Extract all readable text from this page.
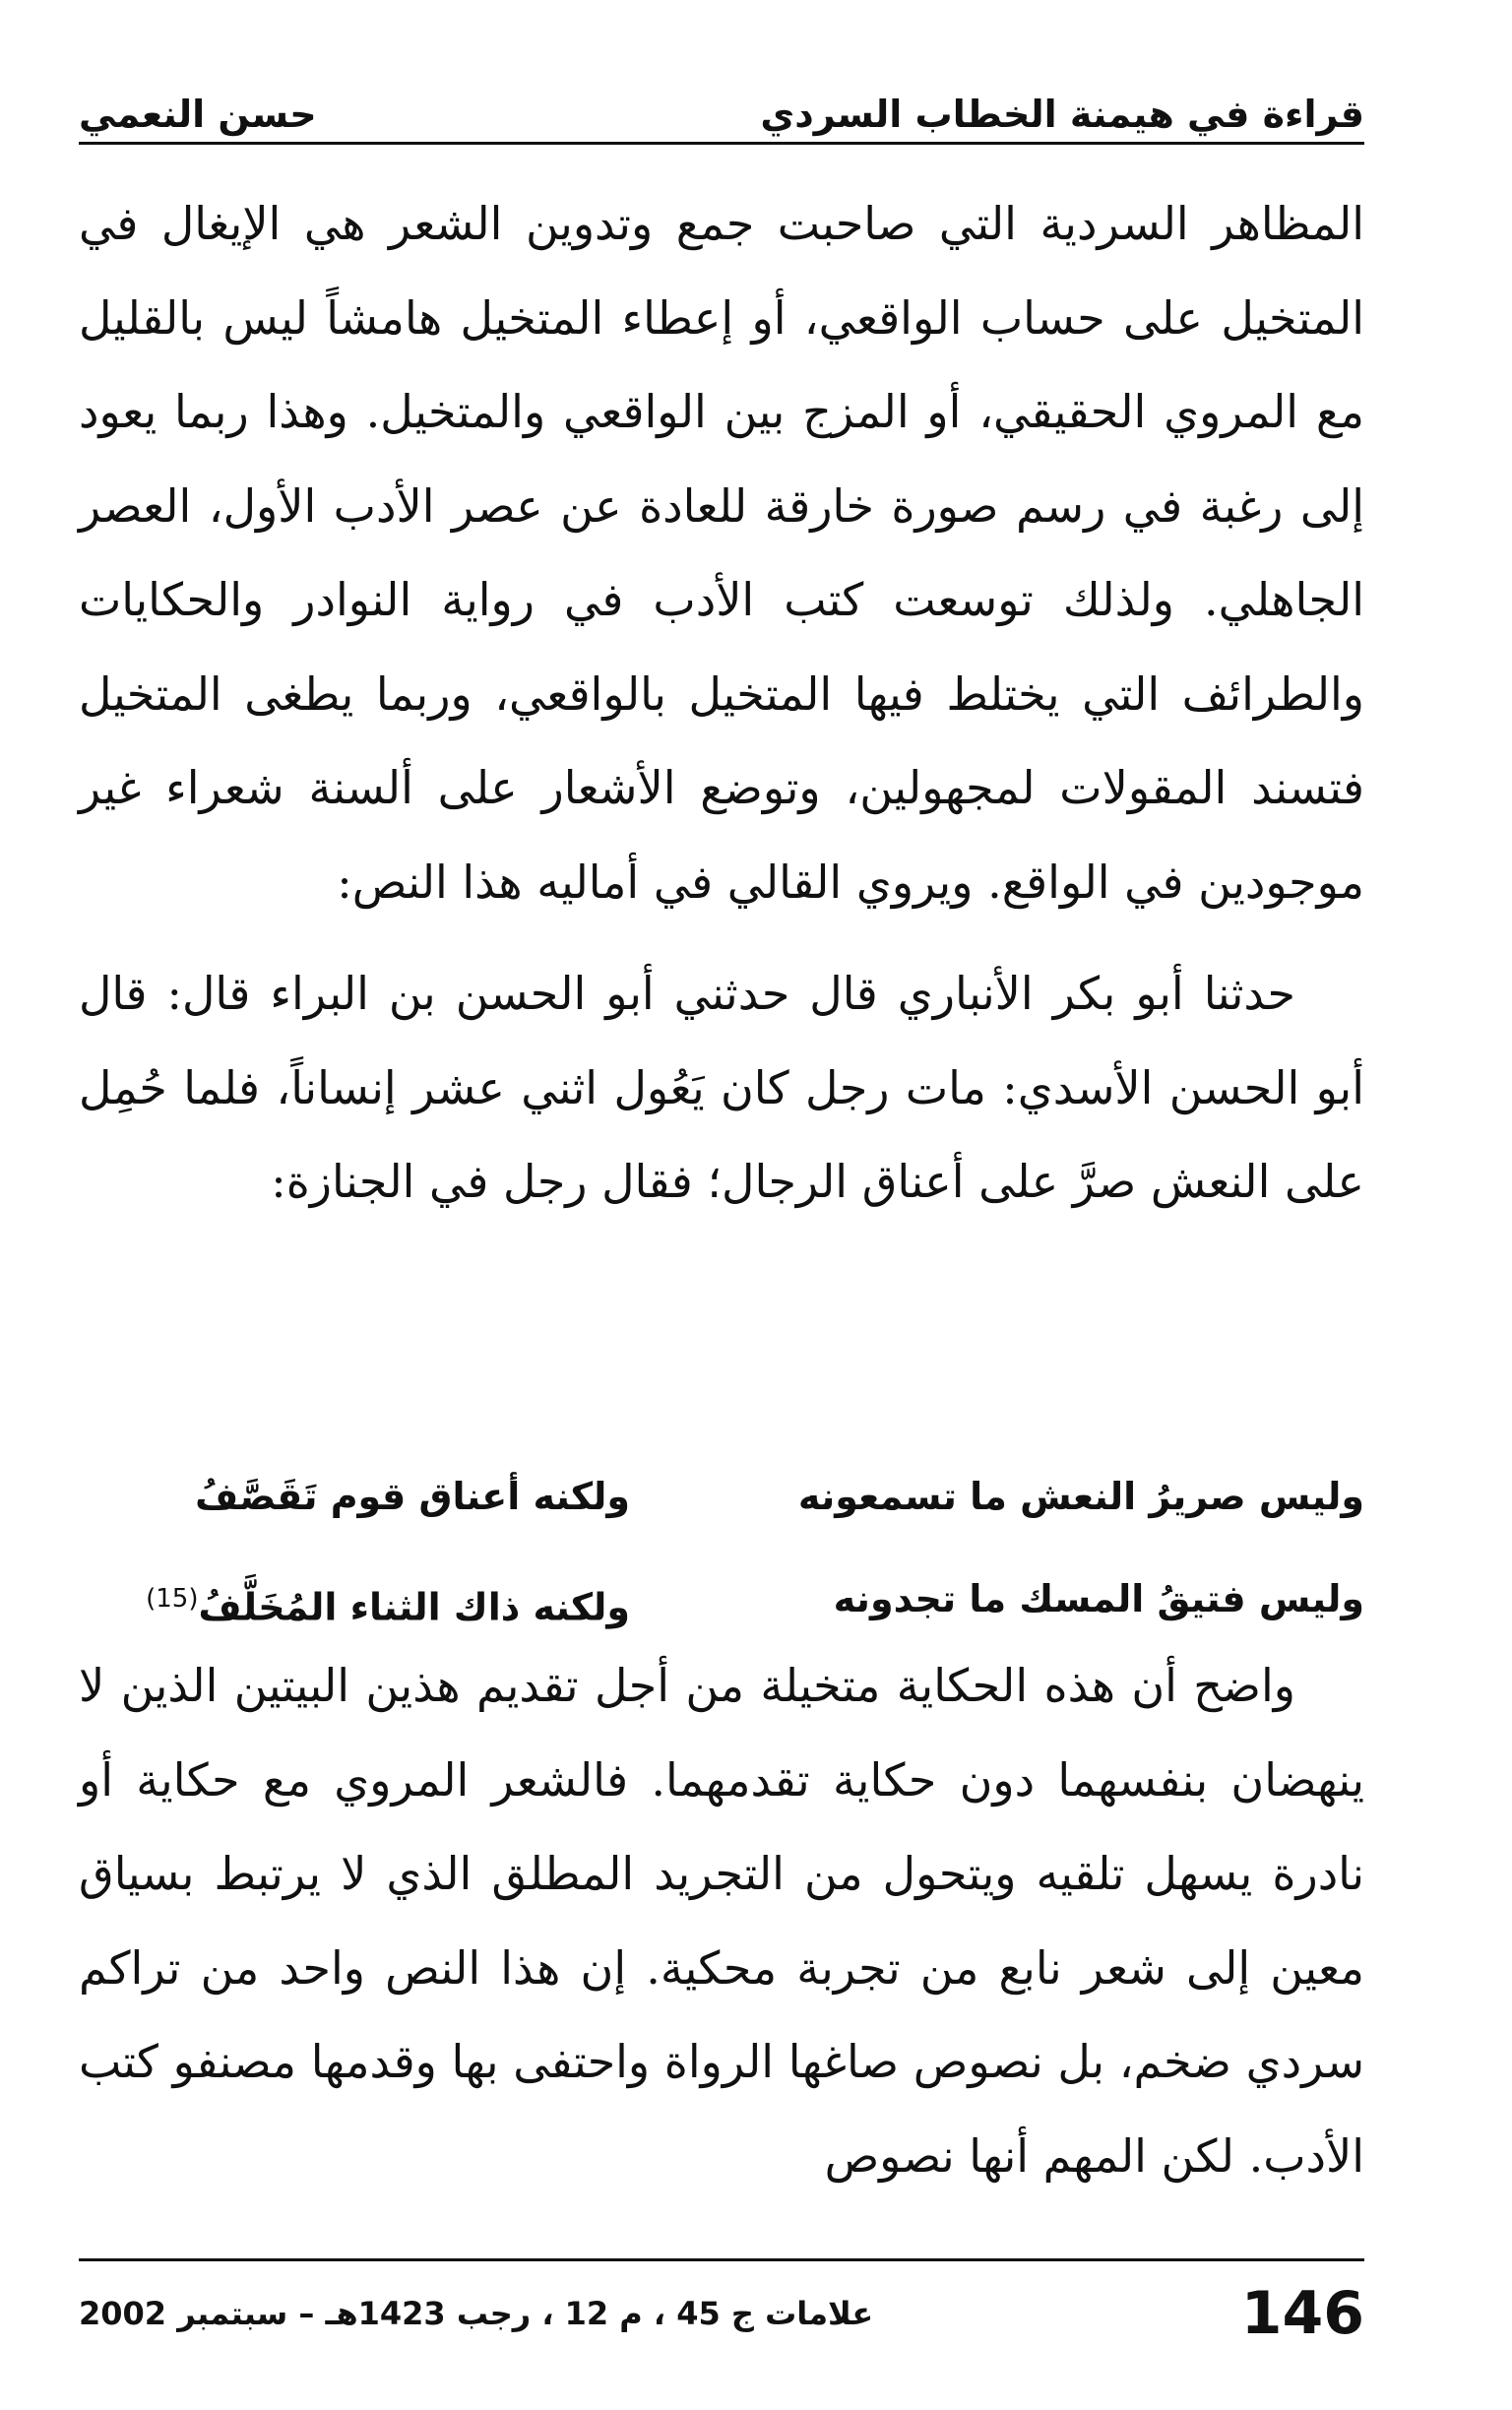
قراءة في هيمنة الخطاب السردي
حسن النعمي

المظاهر السردية التي صاحبت جمع وتدوين الشعر هي الإيغال في المتخيل على حساب الواقعي، أو إعطاء المتخيل هامشاً ليس بالقليل مع المروي الحقيقي، أو المزج بين الواقعي والمتخيل. وهذا ربما يعود إلى رغبة في رسم صورة خارقة للعادة عن عصر الأدب الأول، العصر الجاهلي. ولذلك توسعت كتب الأدب في رواية النوادر والحكايات والطرائف التي يختلط فيها المتخيل بالواقعي، وربما يطغى المتخيل فتسند المقولات لمجهولين، وتوضع الأشعار على ألسنة شعراء غير موجودين في الواقع. ويروي القالي في أماليه هذا النص:

حدثنا أبو بكر الأنباري قال حدثني أبو الحسن بن البراء قال: قال أبو الحسن الأسدي: مات رجل كان يَعُول اثني عشر إنساناً، فلما حُمِل على النعش صرَّ على أعناق الرجال؛ فقال رجل في الجنازة:

وليس صريرُ النعش ما تسمعونه
ولكنه أعناق قوم تَقَصَّفُ
وليس فتيقُ المسك ما تجدونه
ولكنه ذاك الثناء المُخَلَّفُ$^{(15)}$

واضح أن هذه الحكاية متخيلة من أجل تقديم هذين البيتين الذين لا ينهضان بنفسهما دون حكاية تقدمهما. فالشعر المروي مع حكاية أو نادرة يسهل تلقيه ويتحول من التجريد المطلق الذي لا يرتبط بسياق معين إلى شعر نابع من تجربة محكية. إن هذا النص واحد من تراكم سردي ضخم، بل نصوص صاغها الرواة واحتفى بها وقدمها مصنفو كتب الأدب. لكن المهم أنها نصوص

146
علامات ج 45 ، م 12 ، رجب 1423هـ – سبتمبر 2002
